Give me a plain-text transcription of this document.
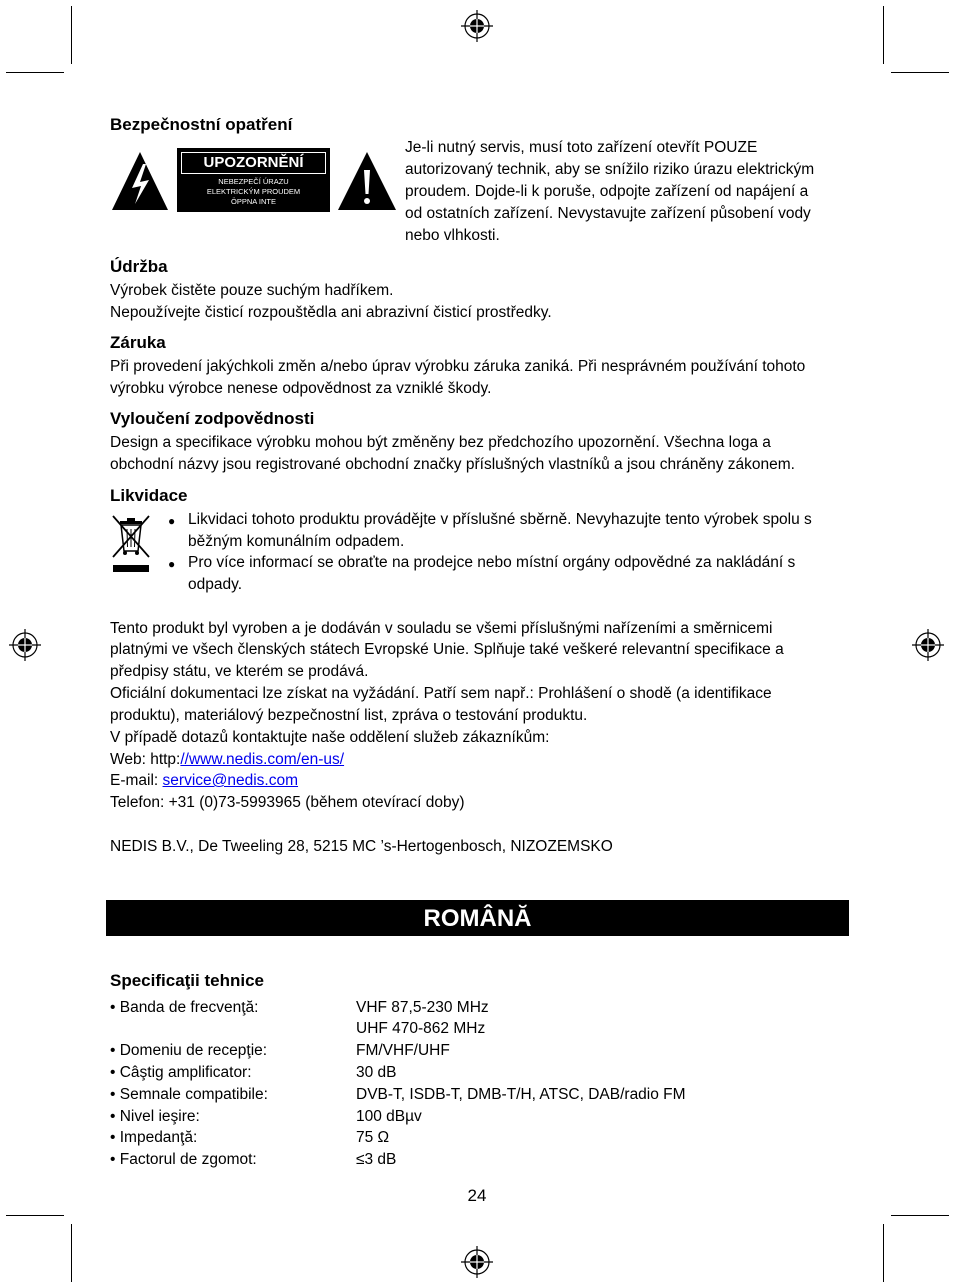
Bezpečnostní opatření
UPOZORNĚNÍ
NEBEZPEČÍ ÚRAZU
ELEKTRICKÝM PROUDEM
ÖPPNA INTE
Je-li nutný servis, musí toto zařízení otevřít POUZE
autorizovaný technik, aby se snížilo riziko úrazu elektrickým
proudem. Dojde-li k poruše, odpojte zařízení od napájení a
od ostatních zařízení. Nevystavujte zařízení působení vody
nebo vlhkosti.
Údržba
Výrobek čistěte pouze suchým hadříkem.
Nepoužívejte čisticí rozpouštědla ani abrazivní čisticí prostředky.
Záruka
Při provedení jakýchkoli změn a/nebo úprav výrobku záruka zaniká. Při nesprávném používání tohoto
výrobku výrobce nenese odpovědnost za vzniklé škody.
Vyloučení zodpovědnosti
Design a specifikace výrobku mohou být změněny bez předchozího upozornění. Všechna loga a
obchodní názvy jsou registrované obchodní značky příslušných vlastníků a jsou chráněny zákonem.
Likvidace
● Likvidaci tohoto produktu provádějte v příslušné sběrně. Nevyhazujte tento výrobek spolu s
běžným komunálním odpadem.
● Pro více informací se obraťte na prodejce nebo místní orgány odpovědné za nakládání s
odpady.
Tento produkt byl vyroben a je dodáván v souladu se všemi příslušnými nařízeními a směrnicemi
platnými ve všech členských státech Evropské Unie. Splňuje také veškeré relevantní specifikace a
předpisy státu, ve kterém se prodává.
Oficiální dokumentaci lze získat na vyžádání. Patří sem např.: Prohlášení o shodě (a identifikace
produktu), materiálový bezpečnostní list, zpráva o testování produktu.
V případě dotazů kontaktujte naše oddělení služeb zákazníkům:
Web: http://www.nedis.com/en-us/
E-mail: service@nedis.com
Telefon: +31 (0)73-5993965 (během otevírací doby)
NEDIS B.V., De Tweeling 28, 5215 MC ’s-Hertogenbosch, NIZOZEMSKO
ROMÂNĂ
Specificaţii tehnice
• Banda de frecvenţă:	VHF 87,5-230 MHz
UHF 470-862 MHz
• Domeniu de recepţie:	FM/VHF/UHF
• Câştig amplificator:	30 dB
• Semnale compatibile:	DVB-T, ISDB-T, DMB-T/H, ATSC, DAB/radio FM
• Nivel ieşire:	100 dBµv
• Impedanţă:	75 Ω
• Factorul de zgomot:	≤3 dB
24
